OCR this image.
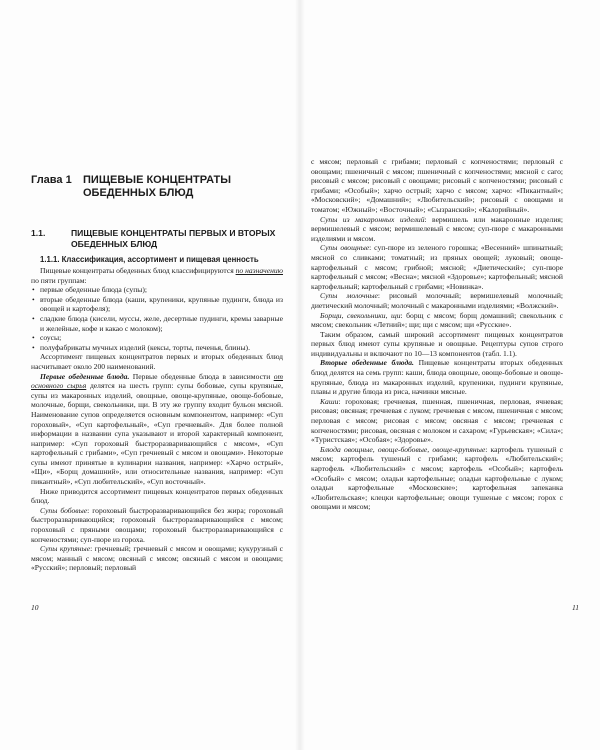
Глава 1 ПИЩЕВЫЕ КОНЦЕНТРАТЫ ОБЕДЕННЫХ БЛЮД
1.1.	ПИЩЕВЫЕ КОНЦЕНТРАТЫ ПЕРВЫХ И ВТОРЫХ ОБЕДЕННЫХ БЛЮД
1.1.1. Классификация, ассортимент и пищевая ценность

Пищевые концентраты обеденных блюд классифицируются по назначению по пяти группам:

• первые обеденные блюда (супы);
• вторые обеденные блюда (каши, крупеники, крупяные пудинги, блюда из овощей и картофеля);
• сладкие блюда (кисели, муссы, желе, десертные пудинги, кремы заварные и желейные, кофе и какао с молоком);
• соусы;
• полуфабрикаты мучных изделий (кексы, торты, печенья, блины).

Ассортимент пищевых концентратов первых и вторых обеденных блюд насчитывает около 200 наименований.

Первые обеденные блюда. Первые обеденные блюда в зависимости от основного сырья делятся на шесть групп: супы бобовые, супы крупяные, супы из макаронных изделий, овощные, овоще-крупяные, овоще-бобовые, молочные, борщи, свекольники, щи. В эту же группу входит бульон мясной. Наименование супов определяется основным компонентом, например: «Суп гороховый», «Суп картофельный», «Суп гречневый». Для более полной информации в названии супа указывают и второй характерный компонент, например: «Суп гороховый быстроразваривающийся с мясом», «Суп картофельный с грибами», «Суп гречневый с мясом и овощами». Некоторые супы имеют принятые в кулинарии названия, например: «Харчо острый», «Щи», «Борщ домашний», или относительные названия, например: «Суп пикантный», «Суп любительский», «Суп восточный».

Ниже приводится ассортимент пищевых концентратов первых обеденных блюд.

Супы бобовые: гороховый быстроразваривающийся без жира; гороховый быстроразваривающийся; гороховый быстроразваривающийся с мясом; гороховый с пряными овощами; гороховый быстроразваривающийся с копченостями; суп-пюре из гороха.

Супы крупяные: гречневый; гречневый с мясом и овощами; кукурузный с мясом; манный с мясом; овсяный с мясом; овсяный с мясом и овощами; «Русский»; перловый; перловый

10

с мясом; перловый с грибами; перловый с копченостями; перловый с овощами; пшеничный с мясом; пшеничный с копченостями; мясной с саго; рисовый с мясом; рисовый с овощами; рисовый с копченостями; рисовый с грибами; «Особый»; харчо острый; харчо с мясом; харчо: «Пикантный»; «Московский»; «Домашний»; «Любительский»; рисовый с овощами и томатом; «Южный»; «Восточный»; «Сызранский»; «Калорийный».

Супы из макаронных изделий: вермишель или макаронные изделия; вермишелевый с мясом; вермишелевый с мясом; суп-пюре с макаронными изделиями и мясом.

Супы овощные: суп-пюре из зеленого горошка; «Весенний» шпинатный; мясной со сливками; томатный; из пряных овощей; луковый; овоще-картофельный с мясом; грибной; мясной; «Диетический»; суп-пюре картофельный с мясом; «Весна»; мясной «Здоровье»; картофельный; мясной картофельный; картофельный с грибами; «Новинка».

Супы молочные: рисовый молочный; вермишелевый молочный; диетический молочный; молочный с макаронными изделиями; «Волжский».

Борщи, свекольники, щи: борщ с мясом; борщ домашний; свекольник с мясом; свекольник «Летний»; щи; щи с мясом; щи «Русские».

Таким образом, самый широкий ассортимент пищевых концентратов первых блюд имеют супы крупяные и овощные. Рецептуры супов строго индивидуальны и включают по 10—13 компонентов (табл. 1.1).

Вторые обеденные блюда. Пищевые концентраты вторых обеденных блюд делятся на семь групп: каши, блюда овощные, овоще-бобовые и овоще-крупяные, блюда из макаронных изделий, крупеники, пудинги крупяные, плавы и другие блюда из риса, начинки мясные.

Каши: гороховая; гречневая, пшенная, пшеничная, перловая, ячневая; рисовая; овсяная; гречневая с луком; гречневая с мясом, пшеничная с мясом; перловая с мясом; рисовая с мясом; овсяная с мясом; гречневая с копченостями; рисовая, овсяная с молоком и сахаром; «Гурьевская»; «Сила»; «Туристская»; «Особая»; «Здоровье».

Блюда овощные, овоще-бобовые, овоще-крупяные: картофель тушеный с мясом; картофель тушеный с грибами; картофель «Любительский»; картофель «Любительский» с мясом; картофель «Особый»; картофель «Особый» с мясом; оладьи картофельные; оладьи картофельные с луком; оладьи картофельные «Московские»; картофельная запеканка «Любительская»; клецки картофельные; овощи тушеные с мясом; горох с овощами и мясом;

11
